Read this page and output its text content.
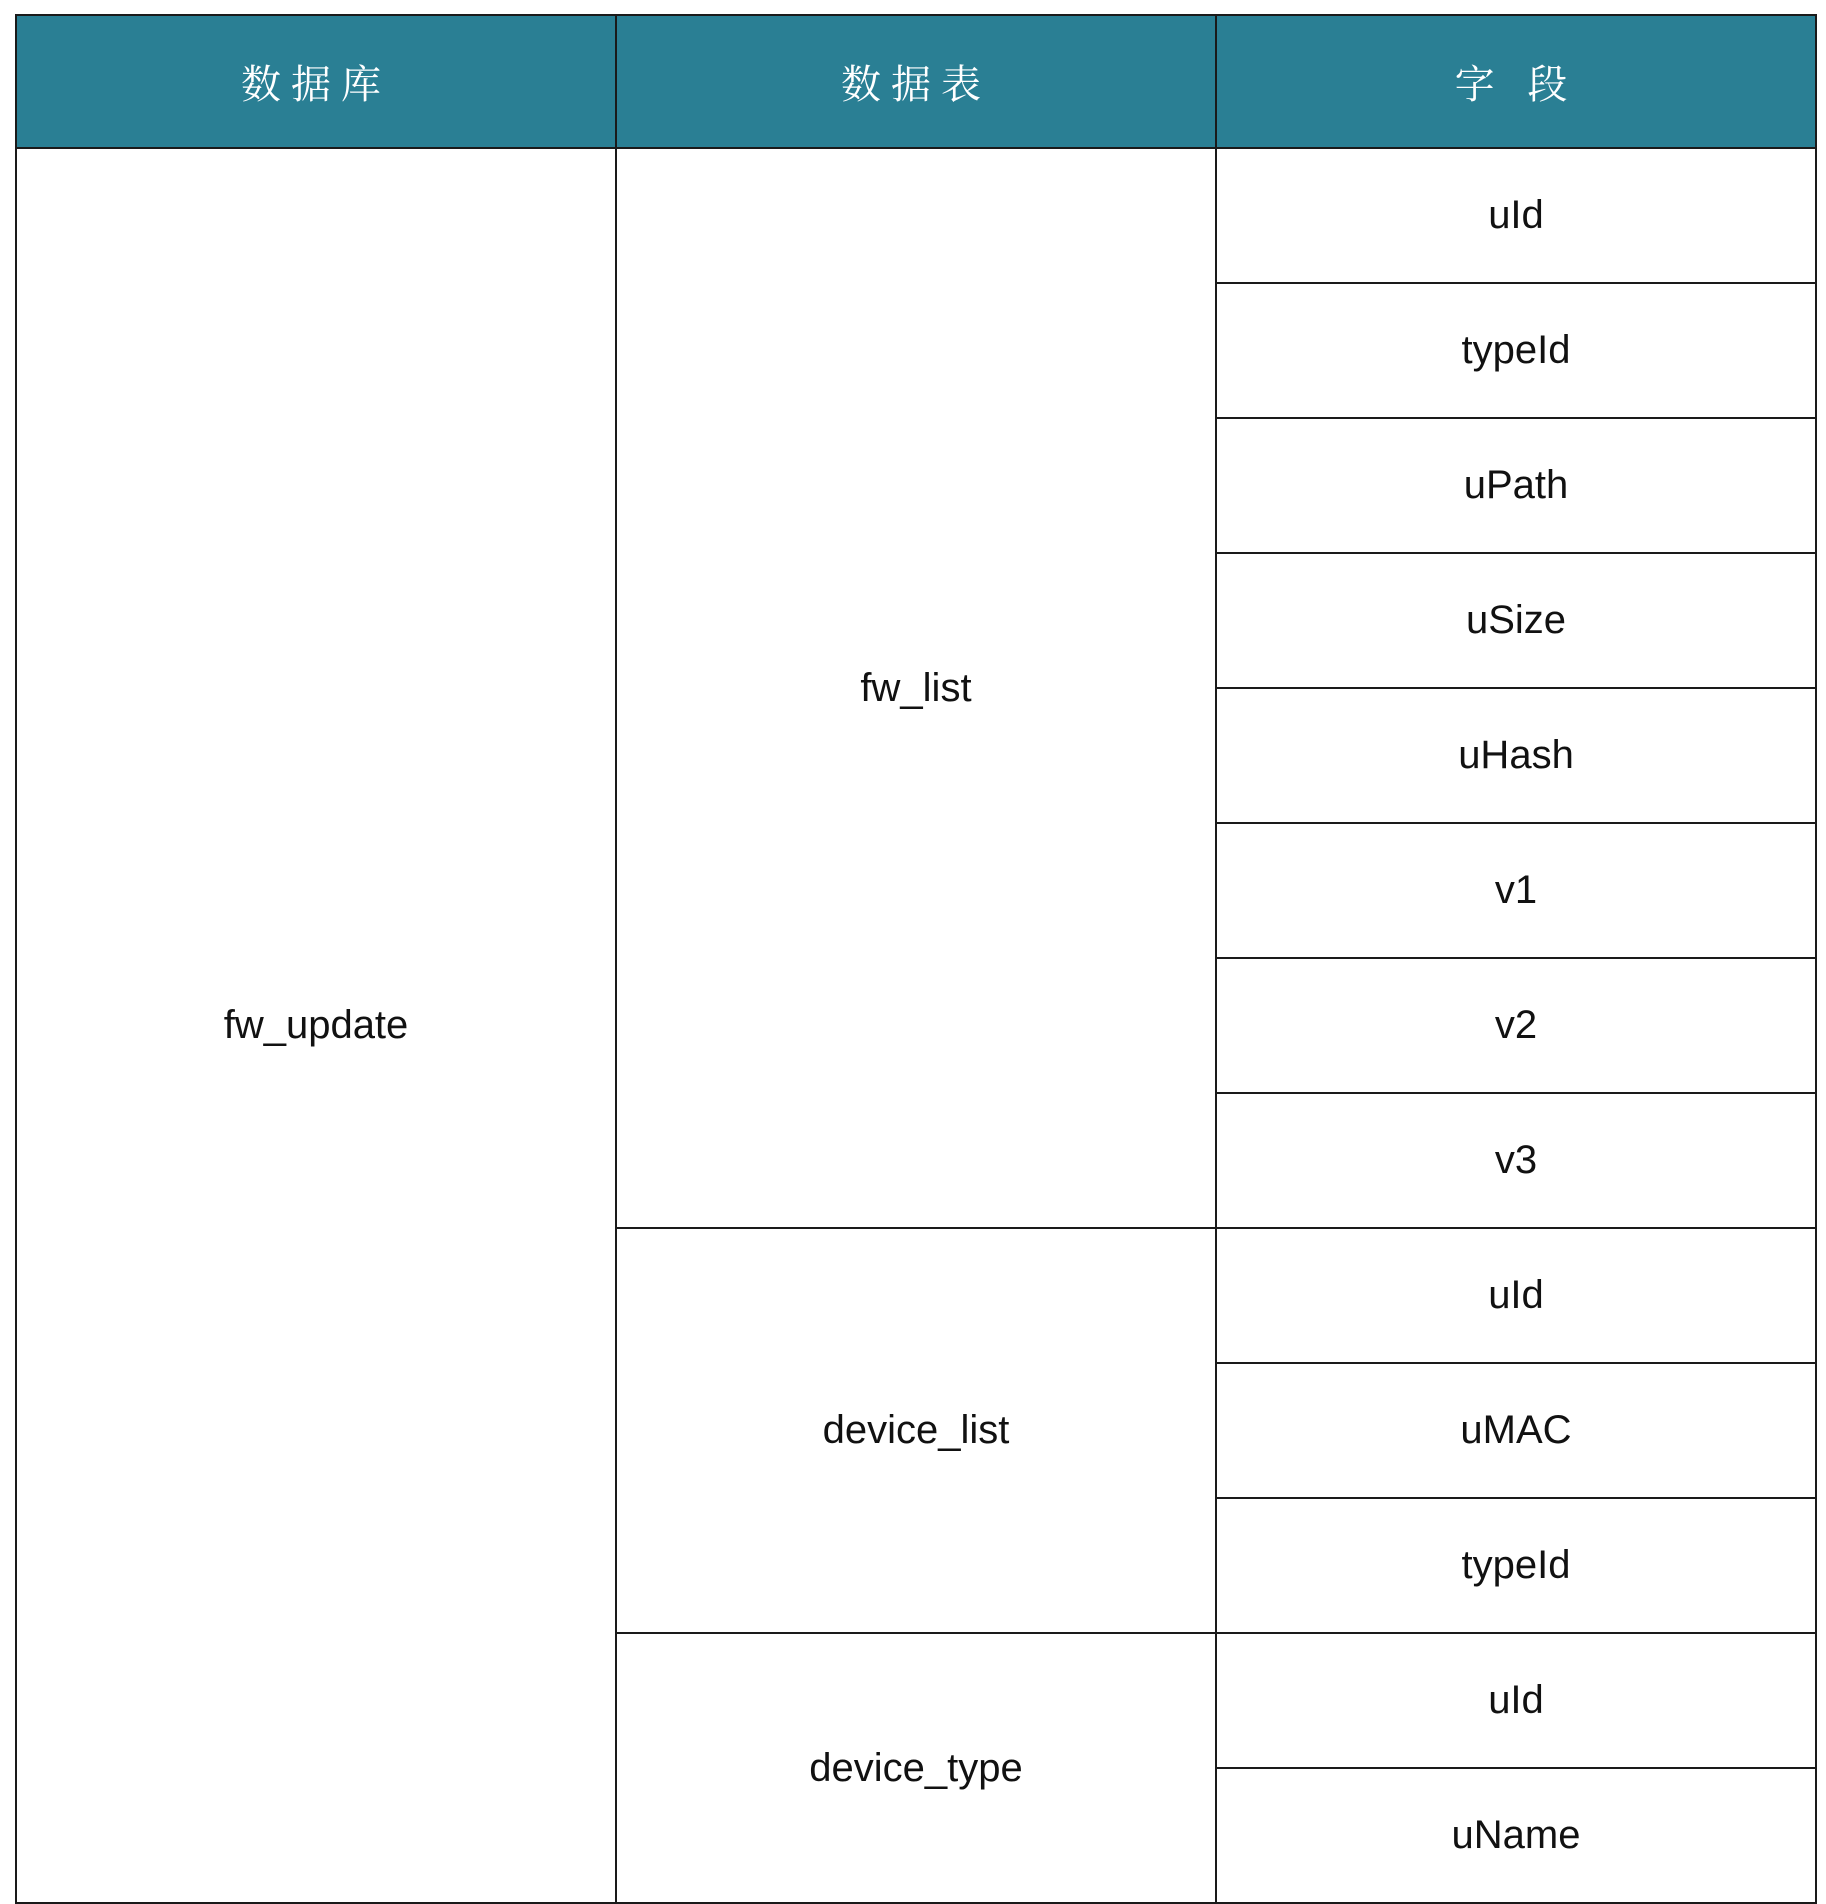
数据库	数据表	字 段
fw_update	fw_list	uId
		typeId
		uPath
		uSize
		uHash
		v1
		v2
		v3
	device_list	uId
		uMAC
		typeId
	device_type	uId
		uName
